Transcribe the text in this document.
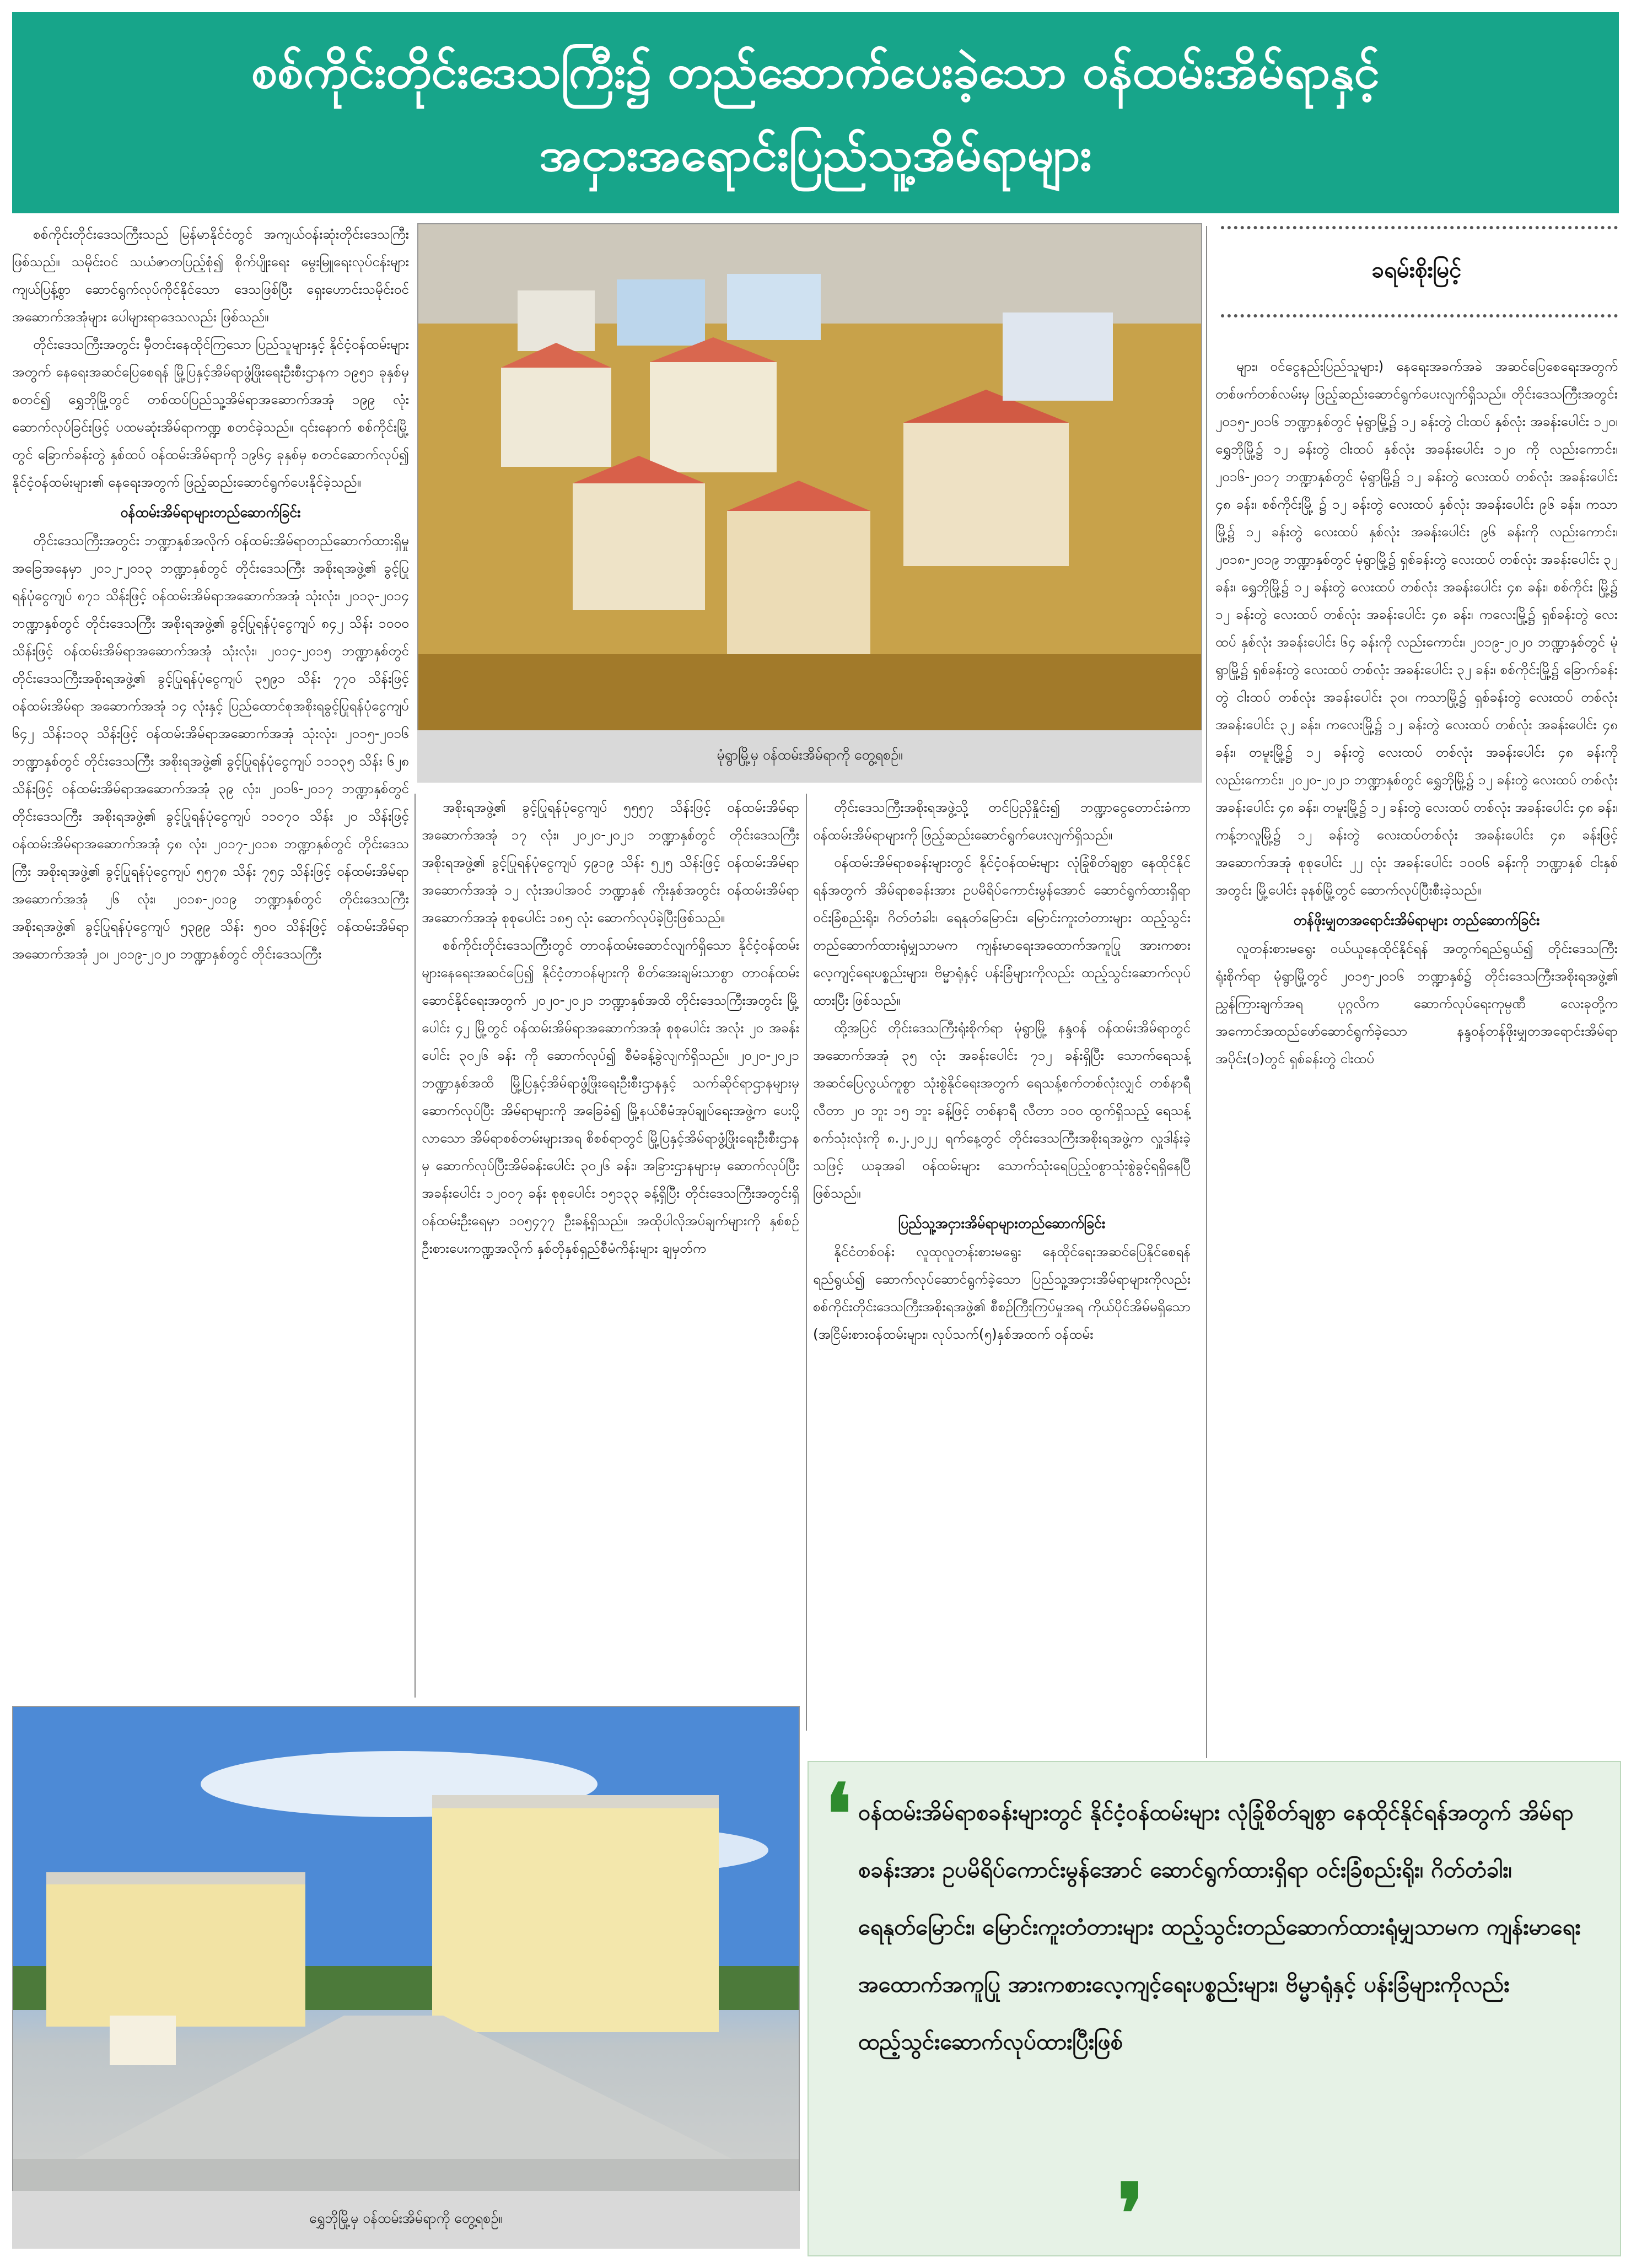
စစ်ကိုင်းတိုင်းဒေသကြီး၌ တည်ဆောက်ပေးခဲ့သော ဝန်ထမ်းအိမ်ရာနှင့်
အငှားအရောင်းပြည်သူ့အိမ်ရာများ

စစ်ကိုင်းတိုင်းဒေသကြီးသည် မြန်မာနိုင်ငံတွင် အကျယ်ဝန်းဆုံးတိုင်းဒေသကြီးဖြစ်သည်။ သမိုင်းဝင် သယံဇာတပြည့်စုံ၍ စိုက်ပျိုးရေး မွေးမြူရေးလုပ်ငန်းများ ကျယ်ပြန့်စွာ ဆောင်ရွက်လုပ်ကိုင်နိုင်သော ဒေသဖြစ်ပြီး ရှေးဟောင်းသမိုင်းဝင်အဆောက်အအုံများ ပေါများရာဒေသလည်း ဖြစ်သည်။

တိုင်းဒေသကြီးအတွင်း မှီတင်းနေထိုင်ကြသော ပြည်သူများနှင့် နိုင်ငံ့ဝန်ထမ်းများအတွက် နေရေးအဆင်ပြေစေရန် မြို့ပြနှင့်အိမ်ရာဖွံ့ဖြိုးရေးဦးစီးဌာနက ၁၉၅၁ ခုနှစ်မှစတင်၍ ရွှေဘိုမြို့တွင် တစ်ထပ်ပြည်သူ့အိမ်ရာအဆောက်အအုံ ၁၉၉ လုံး ဆောက်လုပ်ခြင်းဖြင့် ပထမဆုံးအိမ်ရာကဏ္ဍ စတင်ခဲ့သည်။ ၎င်းနောက် စစ်ကိုင်းမြို့တွင် ခြောက်ခန်းတွဲ နှစ်ထပ် ဝန်ထမ်းအိမ်ရာကို ၁၉၆၄ ခုနှစ်မှ စတင်ဆောက်လုပ်၍ နိုင်ငံ့ဝန်ထမ်းများ၏ နေရေးအတွက် ဖြည့်ဆည်းဆောင်ရွက်ပေးနိုင်ခဲ့သည်။

ဝန်ထမ်းအိမ်ရာများတည်ဆောက်ခြင်း

တိုင်းဒေသကြီးအတွင်း ဘဏ္ဍာနှစ်အလိုက် ဝန်ထမ်းအိမ်ရာတည်ဆောက်ထားရှိမှု အခြေအနေမှာ ၂၀၁၂-၂၀၁၃ ဘဏ္ဍာနှစ်တွင် တိုင်းဒေသကြီး အစိုးရအဖွဲ့၏ ခွင့်ပြုရန်ပုံငွေကျပ် ၈၇၁ သိန်းဖြင့် ဝန်ထမ်းအိမ်ရာအဆောက်အအုံ သုံးလုံး၊ ၂၀၁၃-၂၀၁၄ ဘဏ္ဍာနှစ်တွင် တိုင်းဒေသကြီး အစိုးရအဖွဲ့၏ ခွင့်ပြုရန်ပုံငွေကျပ် ၈၄၂ သိန်း ၁၀၀၀ သိန်းဖြင့် ဝန်ထမ်းအိမ်ရာအဆောက်အအုံ သုံးလုံး၊ ၂၀၁၄-၂၀၁၅ ဘဏ္ဍာနှစ်တွင် တိုင်းဒေသကြီးအစိုးရအဖွဲ့၏ ခွင့်ပြုရန်ပုံငွေကျပ် ၃၅၉၁ သိန်း ၇၇၀ သိန်းဖြင့် ဝန်ထမ်းအိမ်ရာ အဆောက်အအုံ ၁၄ လုံးနှင့် ပြည်ထောင်စုအစိုးရခွင့်ပြုရန်ပုံငွေကျပ် ၆၄၂ သိန်း၁၀၃ သိန်းဖြင့် ဝန်ထမ်းအိမ်ရာအဆောက်အအုံ သုံးလုံး၊ ၂၀၁၅-၂၀၁၆ ဘဏ္ဍာနှစ်တွင် တိုင်းဒေသကြီး အစိုးရအဖွဲ့၏ ခွင့်ပြုရန်ပုံငွေကျပ် ၁၁၁၃၅ သိန်း ၆၂၈ သိန်းဖြင့် ဝန်ထမ်းအိမ်ရာအဆောက်အအုံ ၃၉ လုံး၊ ၂၀၁၆-၂၀၁၇ ဘဏ္ဍာနှစ်တွင် တိုင်းဒေသကြီး အစိုးရအဖွဲ့၏ ခွင့်ပြုရန်ပုံငွေကျပ် ၁၁၀၇၀ သိန်း ၂၀ သိန်းဖြင့် ဝန်ထမ်းအိမ်ရာအဆောက်အအုံ ၄၈ လုံး၊ ၂၀၁၇-၂၀၁၈ ဘဏ္ဍာနှစ်တွင် တိုင်းဒေသကြီး အစိုးရအဖွဲ့၏ ခွင့်ပြုရန်ပုံငွေကျပ် ၅၅၇၈ သိန်း ၇၅၄ သိန်းဖြင့် ဝန်ထမ်းအိမ်ရာ အဆောက်အအုံ ၂၆ လုံး၊ ၂၀၁၈-၂၀၁၉ ဘဏ္ဍာနှစ်တွင် တိုင်းဒေသကြီး အစိုးရအဖွဲ့၏ ခွင့်ပြုရန်ပုံငွေကျပ် ၅၃၉၉ သိန်း ၅၀၀ သိန်းဖြင့် ဝန်ထမ်းအိမ်ရာ အဆောက်အအုံ ၂၀၊ ၂၀၁၉-၂၀၂၀ ဘဏ္ဍာနှစ်တွင် တိုင်းဒေသကြီး

မုံရွာမြို့မှ ဝန်ထမ်းအိမ်ရာကို တွေ့ရစဉ်။

အစိုးရအဖွဲ့၏ ခွင့်ပြုရန်ပုံငွေကျပ် ၅၅၅၇ သိန်းဖြင့် ဝန်ထမ်းအိမ်ရာအဆောက်အအုံ ၁၇ လုံး၊ ၂၀၂၀-၂၀၂၁ ဘဏ္ဍာနှစ်တွင် တိုင်းဒေသကြီးအစိုးရအဖွဲ့၏ ခွင့်ပြုရန်ပုံငွေကျပ် ၄၉၁၉ သိန်း ၅၂၅ သိန်းဖြင့် ဝန်ထမ်းအိမ်ရာ အဆောက်အအုံ ၁၂ လုံးအပါအဝင် ဘဏ္ဍာနှစ် ကိုးနှစ်အတွင်း ဝန်ထမ်းအိမ်ရာ အဆောက်အအုံ စုစုပေါင်း ၁၈၅ လုံး ဆောက်လုပ်ခဲ့ပြီးဖြစ်သည်။

စစ်ကိုင်းတိုင်းဒေသကြီးတွင် တာဝန်ထမ်းဆောင်လျက်ရှိသော နိုင်ငံ့ဝန်ထမ်းများနေရေးအဆင်ပြေ၍ နိုင်ငံ့တာဝန်များကို စိတ်အေးချမ်းသာစွာ တာဝန်ထမ်းဆောင်နိုင်ရေးအတွက် ၂၀၂၀-၂၀၂၁ ဘဏ္ဍာနှစ်အထိ တိုင်းဒေသကြီးအတွင်း မြို့ပေါင်း ၄၂ မြို့တွင် ဝန်ထမ်းအိမ်ရာအဆောက်အအုံ စုစုပေါင်း အလုံး ၂၀ အခန်းပေါင်း ၃၀၂၆ ခန်း ကို ဆောက်လုပ်၍ စီမံခန့်ခွဲလျက်ရှိသည်။ ၂၀၂၀-၂၀၂၁ ဘဏ္ဍာနှစ်အထိ မြို့ပြနှင့်အိမ်ရာဖွံ့ဖြိုးရေးဦးစီးဌာနနှင့် သက်ဆိုင်ရာဌာနများမှ ဆောက်လုပ်ပြီး အိမ်ရာများကို အခြေခံ၍ မြို့နယ်စီမံအုပ်ချုပ်ရေးအဖွဲ့က ပေးပို့လာသော အိမ်ရာစစ်တမ်းများအရ စိစစ်ရာတွင် မြို့ပြနှင့်အိမ်ရာဖွံ့ဖြိုးရေးဦးစီးဌာနမှ ဆောက်လုပ်ပြီးအိမ်ခန်းပေါင်း ၃၀၂၆ ခန်း၊ အခြားဌာနများမှ ဆောက်လုပ်ပြီးအခန်းပေါင်း ၁၂၀၀၇ ခန်း စုစုပေါင်း ၁၅၁၃၃ ခန့်ရှိပြီး တိုင်းဒေသကြီးအတွင်းရှိ ဝန်ထမ်းဦးရေမှာ ၁၀၅၄၇၇ ဦးခန့်ရှိသည်။ အထိုပါလိုအပ်ချက်များကို နှစ်စဉ် ဦးစားပေးကဏ္ဍအလိုက် နှစ်တိုနှစ်ရှည်စီမံကိန်းများ ချမှတ်က

တိုင်းဒေသကြီးအစိုးရအဖွဲ့သို့ တင်ပြညှိနှိုင်း၍ ဘဏ္ဍာငွေတောင်းခံကာ ဝန်ထမ်းအိမ်ရာများကို ဖြည့်ဆည်းဆောင်ရွက်ပေးလျက်ရှိသည်။

ဝန်ထမ်းအိမ်ရာစခန်းများတွင် နိုင်ငံ့ဝန်ထမ်းများ လုံခြုံစိတ်ချစွာ နေထိုင်နိုင်ရန်အတွက် အိမ်ရာစခန်းအား ဥပမိရိပ်ကောင်းမွန်အောင် ဆောင်ရွက်ထားရှိရာ ဝင်းခြံစည်းရိုး၊ ဂိတ်တံခါး၊ ရေနုတ်မြောင်း၊ မြောင်းကူးတံတားများ ထည့်သွင်းတည်ဆောက်ထားရုံမျှသာမက ကျန်းမာရေးအထောက်အကူပြု အားကစားလေ့ကျင့်ရေးပစ္စည်းများ၊ ဗိမ္မာရုံနှင့် ပန်းခြံများကိုလည်း ထည့်သွင်းဆောက်လုပ်ထားပြီး ဖြစ်သည်။

ထို့အပြင် တိုင်းဒေသကြီးရုံးစိုက်ရာ မုံရွာမြို့ နန္ဒဝန် ဝန်ထမ်းအိမ်ရာတွင် အဆောက်အအုံ ၃၅ လုံး အခန်းပေါင်း ၇၁၂ ခန်းရှိပြီး သောက်ရေသန့် အဆင်ပြေလွယ်ကူစွာ သုံးစွဲနိုင်ရေးအတွက် ရေသန့်စက်တစ်လုံးလျှင် တစ်နာရီ လီတာ ၂၀ ဘူး ၁၅ ဘူး ခန့်ဖြင့် တစ်နာရီ လီတာ ၁၀၀ ထွက်ရှိသည့် ရေသန့်စက်သုံးလုံးကို ၈.၂.၂၀၂၂ ရက်နေ့တွင် တိုင်းဒေသကြီးအစိုးရအဖွဲ့က လှူဒါန်းခဲ့သဖြင့် ယခုအခါ ဝန်ထမ်းများ သောက်သုံးရေပြည့်ဝစွာသုံးစွဲခွင့်ရရှိနေပြီဖြစ်သည်။

ပြည်သူ့အငှားအိမ်ရာများတည်ဆောက်ခြင်း

နိုင်ငံတစ်ဝန်း လူထုလူတန်းစားမရွေး နေထိုင်ရေးအဆင်ပြေနိုင်စေရန် ရည်ရွယ်၍ ဆောက်လုပ်ဆောင်ရွက်ခဲ့သော ပြည်သူ့အငှားအိမ်ရာများကိုလည်း စစ်ကိုင်းတိုင်းဒေသကြီးအစိုးရအဖွဲ့၏ စီစဉ်ကြီးကြပ်မှုအရ ကိုယ်ပိုင်အိမ်မရှိသော (အငြိမ်းစားဝန်ထမ်းများ၊ လုပ်သက်(၅)နှစ်အထက် ဝန်ထမ်း

ခရမ်းစိုးမြင့်

များ၊ ဝင်ငွေနည်းပြည်သူများ) နေရေးအခက်အခဲ အဆင်ပြေစေရေးအတွက် တစ်ဖက်တစ်လမ်းမှ ဖြည့်ဆည်းဆောင်ရွက်ပေးလျက်ရှိသည်။ တိုင်းဒေသကြီးအတွင်း ၂၀၁၅-၂၀၁၆ ဘဏ္ဍာနှစ်တွင် မုံရွာမြို့၌ ၁၂ ခန်းတွဲ ငါးထပ် နှစ်လုံး အခန်းပေါင်း ၁၂၀၊ ရွှေဘိုမြို့၌ ၁၂ ခန်းတွဲ ငါးထပ် နှစ်လုံး အခန်းပေါင်း ၁၂၀ ကို လည်းကောင်း၊ ၂၀၁၆-၂၀၁၇ ဘဏ္ဍာနှစ်တွင် မုံရွာမြို့၌ ၁၂ ခန်းတွဲ လေးထပ် တစ်လုံး အခန်းပေါင်း ၄၈ ခန်း၊ စစ်ကိုင်းမြို့ ၌ ၁၂ ခန်းတွဲ လေးထပ် နှစ်လုံး အခန်းပေါင်း ၉၆ ခန်း၊ ကသာမြို့၌ ၁၂ ခန်းတွဲ လေးထပ် နှစ်လုံး အခန်းပေါင်း ၉၆ ခန်းကို လည်းကောင်း၊ ၂၀၁၈-၂၀၁၉ ဘဏ္ဍာနှစ်တွင် မုံရွာမြို့၌ ရှစ်ခန်းတွဲ လေးထပ် တစ်လုံး အခန်းပေါင်း ၃၂ ခန်း၊ ရွှေဘိုမြို့၌ ၁၂ ခန်းတွဲ လေးထပ် တစ်လုံး အခန်းပေါင်း ၄၈ ခန်း၊ စစ်ကိုင်း မြို့၌ ၁၂ ခန်းတွဲ လေးထပ် တစ်လုံး အခန်းပေါင်း ၄၈ ခန်း၊ ကလေးမြို့၌ ရှစ်ခန်းတွဲ လေးထပ် နှစ်လုံး အခန်းပေါင်း ၆၄ ခန်းကို လည်းကောင်း၊ ၂၀၁၉-၂၀၂၀ ဘဏ္ဍာနှစ်တွင် မုံရွာမြို့၌ ရှစ်ခန်းတွဲ လေးထပ် တစ်လုံး အခန်းပေါင်း ၃၂ ခန်း၊ စစ်ကိုင်းမြို့၌ ခြောက်ခန်းတွဲ ငါးထပ် တစ်လုံး အခန်းပေါင်း ၃၀၊ ကသာမြို့၌ ရှစ်ခန်းတွဲ လေးထပ် တစ်လုံး အခန်းပေါင်း ၃၂ ခန်း၊ ကလေးမြို့၌ ၁၂ ခန်းတွဲ လေးထပ် တစ်လုံး အခန်းပေါင်း ၄၈ ခန်း၊ တမူးမြို့၌ ၁၂ ခန်းတွဲ လေးထပ် တစ်လုံး အခန်းပေါင်း ၄၈ ခန်းကို လည်းကောင်း၊ ၂၀၂၀-၂၀၂၁ ဘဏ္ဍာနှစ်တွင် ရွှေဘိုမြို့၌ ၁၂ ခန်းတွဲ လေးထပ် တစ်လုံး အခန်းပေါင်း ၄၈ ခန်း၊ တမူးမြို့၌ ၁၂ ခန်းတွဲ လေးထပ် တစ်လုံး အခန်းပေါင်း ၄၈ ခန်း၊ ကန့်ဘလူမြို့၌ ၁၂ ခန်းတွဲ လေးထပ်တစ်လုံး အခန်းပေါင်း ၄၈ ခန်းဖြင့် အဆောက်အအုံ စုစုပေါင်း ၂၂ လုံး အခန်းပေါင်း ၁၀၀၆ ခန်းကို ဘဏ္ဍာနှစ် ငါးနှစ်အတွင်း မြို့ပေါင်း ခုနစ်မြို့တွင် ဆောက်လုပ်ပြီးစီးခဲ့သည်။

တန်ဖိုးမျှတအရောင်းအိမ်ရာများ တည်ဆောက်ခြင်း

လူတန်းစားမရွေး ဝယ်ယူနေထိုင်နိုင်ရန် အတွက်ရည်ရွယ်၍ တိုင်းဒေသကြီးရုံးစိုက်ရာ မုံရွာမြို့တွင် ၂၀၁၅-၂၀၁၆ ဘဏ္ဍာနှစ်၌ တိုင်းဒေသကြီးအစိုးရအဖွဲ့၏ ညွှန်ကြားချက်အရ ပုဂ္ဂလိက ဆောက်လုပ်ရေးကုမ္ပဏီ လေးခုတို့က အကောင်အထည်ဖော်ဆောင်ရွက်ခဲ့သော နန္ဒဝန်တန်ဖိုးမျှတအရောင်းအိမ်ရာ အပိုင်း(၁)တွင် ရှစ်ခန်းတွဲ ငါးထပ်

ရွှေဘိုမြို့မှ ဝန်ထမ်းအိမ်ရာကို တွေ့ရစဉ်။
❛ ဝန်ထမ်းအိမ်ရာစခန်းများတွင် နိုင်ငံ့ဝန်ထမ်းများ လုံခြုံစိတ်ချစွာ နေထိုင်နိုင်ရန်အတွက် အိမ်ရာစခန်းအား ဥပမိရိပ်ကောင်းမွန်အောင် ဆောင်ရွက်ထားရှိရာ ဝင်းခြံစည်းရိုး၊ ဂိတ်တံခါး၊ ရေနုတ်မြောင်း၊ မြောင်းကူးတံတားများ ထည့်သွင်းတည်ဆောက်ထားရုံမျှသာမက ကျန်းမာရေးအထောက်အကူပြု အားကစားလေ့ကျင့်ရေးပစ္စည်းများ၊ ဗိမ္မာရုံနှင့် ပန်းခြံများကိုလည်း ထည့်သွင်းဆောက်လုပ်ထားပြီးဖြစ်
❜
